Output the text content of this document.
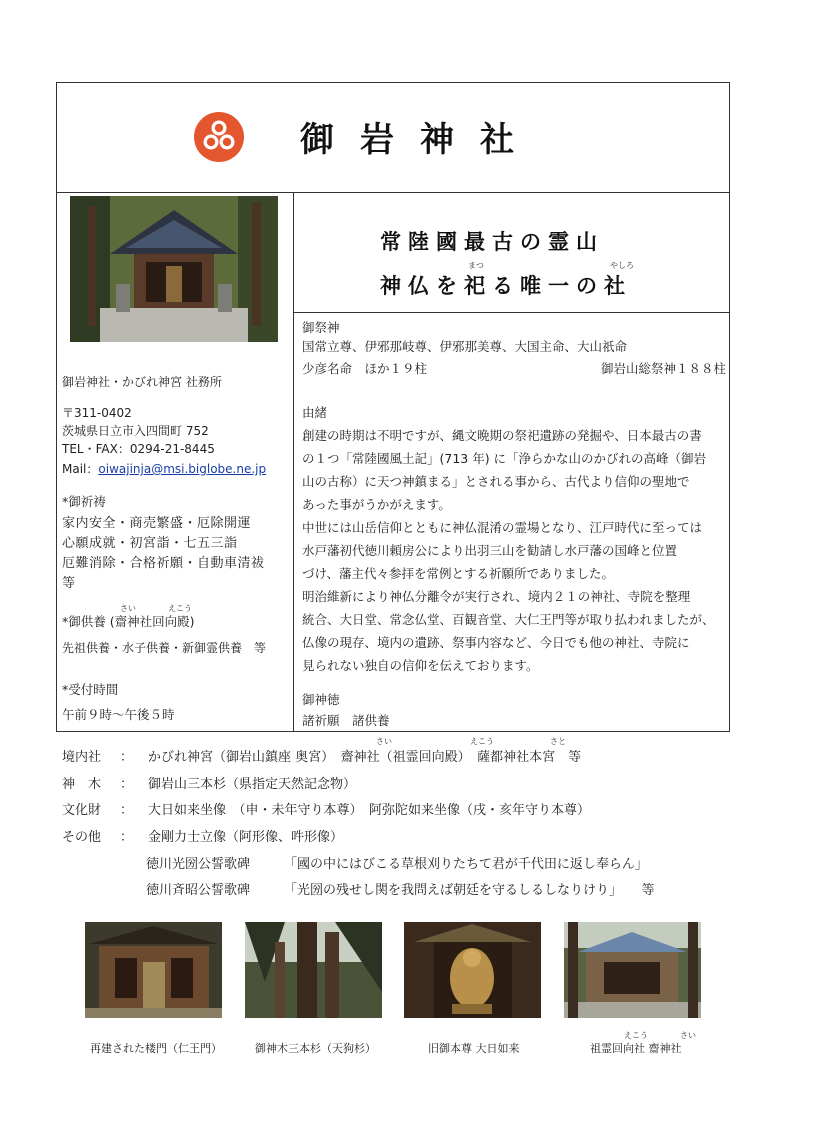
御岩神社
御岩神社・かびれ神宮 社務所
〒311-0402
茨城県日立市入四間町 752
TEL・FAX：0294-21-8445
Mail：oiwajinja@msi.biglobe.ne.jp
*御祈祷
家内安全・商売繁盛・厄除開運
心願成就・初宮詣・七五三詣
厄難消除・合格祈願・自動車清祓
等
さい	えこう
*御供養 (齋神社回向殿)
先祖供養・水子供養・新御霊供養　等
*受付時間
午前９時～午後５時
常陸國最古の霊山
まつ	やしろ
神仏を祀る唯一の社
御祭神
国常立尊、伊邪那岐尊、伊邪那美尊、大国主命、大山祇命
少彦名命　ほか１９柱	御岩山総祭神１８８柱
由緒

創建の時期は不明ですが、縄文晩期の祭祀遺跡の発掘や、日本最古の書

の１つ「常陸國風土記」(713 年) に「浄らかな山のかびれの高峰（御岩

山の古称）に天つ神鎮まる」とされる事から、古代より信仰の聖地で

あった事がうかがえます。

中世には山岳信仰とともに神仏混淆の霊場となり、江戸時代に至っては

水戸藩初代徳川頼房公により出羽三山を勧請し水戸藩の国峰と位置

づけ、藩主代々参拝を常例とする祈願所でありました。

明治維新により神仏分離令が実行され、境内２１の神社、寺院を整理

統合、大日堂、常念仏堂、百観音堂、大仁王門等が取り払われましたが、

仏像の現存、境内の遺跡、祭事内容など、今日でも他の神社、寺院に

見られない独自の信仰を伝えております。

御神徳
諸祈願　諸供養
さい	えこう	さと
境内社	： かびれ神宮（御岩山鎮座 奥宮）　齋神社（祖霊回向殿）　薩都神社本宮　等
神　木	： 御岩山三本杉（県指定天然記念物）
文化財	： 大日如来坐像　（申・未年守り本尊）　阿弥陀如来坐像（戌・亥年守り本尊）
その他	： 金剛力士立像（阿形像、吽形像）
徳川光圀公誓歌碑	「國の中にはびこる草根刈りたちて君が千代田に返し奉らん」
徳川斉昭公誓歌碑	「光圀の残せし関を我問えば朝廷を守るしるしなりけり」　　等
再建された楼門（仁王門）	御神木三本杉（天狗杉）	旧御本尊 大日如来
えこう	さい
祖霊回向社 齋神社
